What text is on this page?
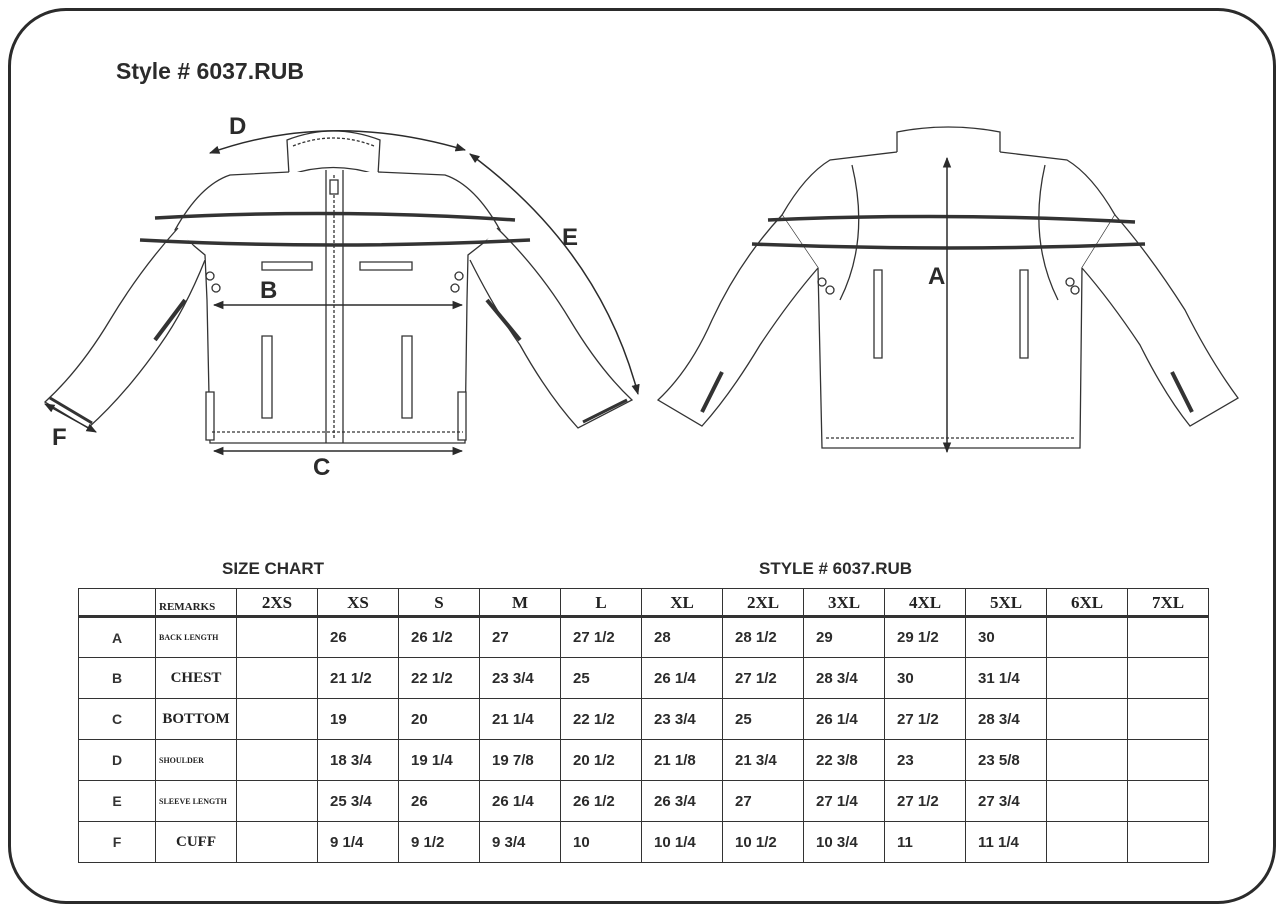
Style # 6037.RUB
D
E
B
C
F
A
SIZE CHART	STYLE # 6037.RUB
	REMARKS	2XS	XS	S	M	L	XL	2XL	3XL	4XL	5XL	6XL	7XL
A	BACK LENGTH		26	26 1/2	27	27 1/2	28	28 1/2	29	29 1/2	30		
B	CHEST		21 1/2	22 1/2	23 3/4	25	26 1/4	27 1/2	28 3/4	30	31 1/4		
C	BOTTOM		19	20	21 1/4	22 1/2	23 3/4	25	26 1/4	27 1/2	28 3/4		
D	SHOULDER		18 3/4	19 1/4	19 7/8	20 1/2	21 1/8	21 3/4	22 3/8	23	23 5/8		
E	SLEEVE LENGTH		25 3/4	26	26 1/4	26 1/2	26 3/4	27	27 1/4	27 1/2	27 3/4		
F	CUFF		9 1/4	9 1/2	9 3/4	10	10 1/4	10 1/2	10 3/4	11	11 1/4		
